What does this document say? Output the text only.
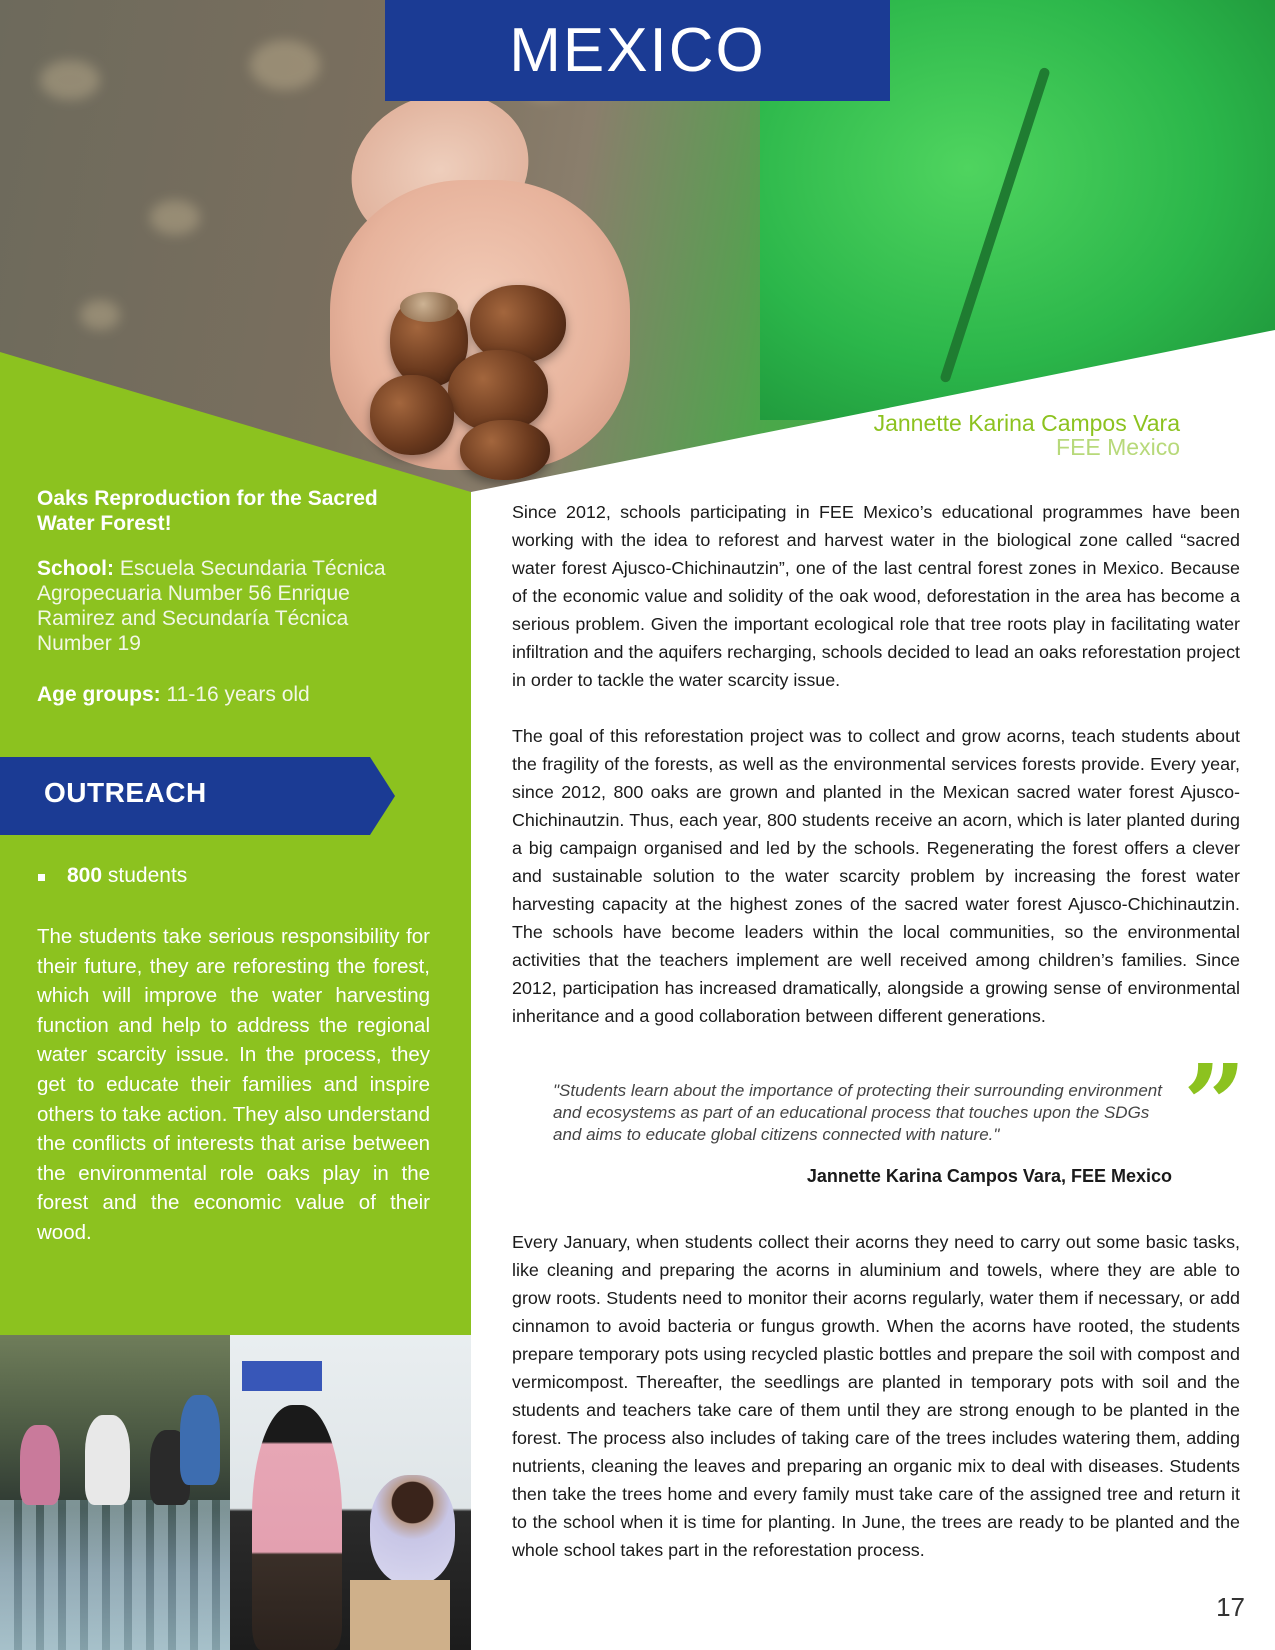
MEXICO
Jannette Karina Campos Vara
FEE Mexico
Oaks Reproduction for the Sacred Water Forest!
School: Escuela Secundaria Técnica Agropecuaria Number 56 Enrique Ramirez and Secundaría Técnica Number 19
Age groups: 11-16 years old
OUTREACH
800 students
The students take serious responsibility for their future, they are reforesting the forest, which will improve the water harvesting function and help to address the regional water scarcity issue. In the process, they get to educate their families and inspire others to take action. They also understand the conflicts of interests that arise between the environmental role oaks play in the forest and the economic value of their wood.
Since 2012, schools participating in FEE Mexico’s educational programmes have been working with the idea to reforest and harvest water in the biological zone called “sacred water forest Ajusco-Chichinautzin”, one of the last central forest zones in Mexico. Because of the economic value and solidity of the oak wood, deforestation in the area has become a serious problem. Given the important ecological role that tree roots play in facilitating water infiltration and the aquifers recharging, schools decided to lead an oaks reforestation project in order to tackle the water scarcity issue.
The goal of this reforestation project was to collect and grow acorns, teach students about the fragility of the forests, as well as the environmental services forests provide. Every year, since 2012, 800 oaks are grown and planted in the Mexican sacred water forest Ajusco-Chichinautzin. Thus, each year, 800 students receive an acorn, which is later planted during a big campaign organised and led by the schools. Regenerating the forest offers a clever and sustainable solution to the water scarcity problem by increasing the forest water harvesting capacity at the highest zones of the sacred water forest Ajusco-Chichinautzin. The schools have become leaders within the local communities, so the environmental activities that the teachers implement are well received among children’s families. Since 2012, participation has increased dramatically, alongside a growing sense of environmental inheritance and a good collaboration between different generations.
"Students learn about the importance of protecting their surrounding environment and ecosystems as part of an educational process that touches upon the SDGs and aims to educate global citizens connected with nature."	”
Jannette Karina Campos Vara, FEE Mexico
Every January, when students collect their acorns they need to carry out some basic tasks, like cleaning and preparing the acorns in aluminium and towels, where they are able to grow roots. Students need to monitor their acorns regularly, water them if necessary, or add cinnamon to avoid bacteria or fungus growth. When the acorns have rooted, the students prepare temporary pots using recycled plastic bottles and prepare the soil with compost and vermicompost. Thereafter, the seedlings are planted in temporary pots with soil and the students and teachers take care of them until they are strong enough to be planted in the forest. The process also includes of taking care of the trees includes watering them, adding nutrients, cleaning the leaves and preparing an organic mix to deal with diseases. Students then take the trees home and every family must take care of the assigned tree and return it to the school when it is time for planting. In June, the trees are ready to be planted and the whole school takes part in the reforestation process.
17
